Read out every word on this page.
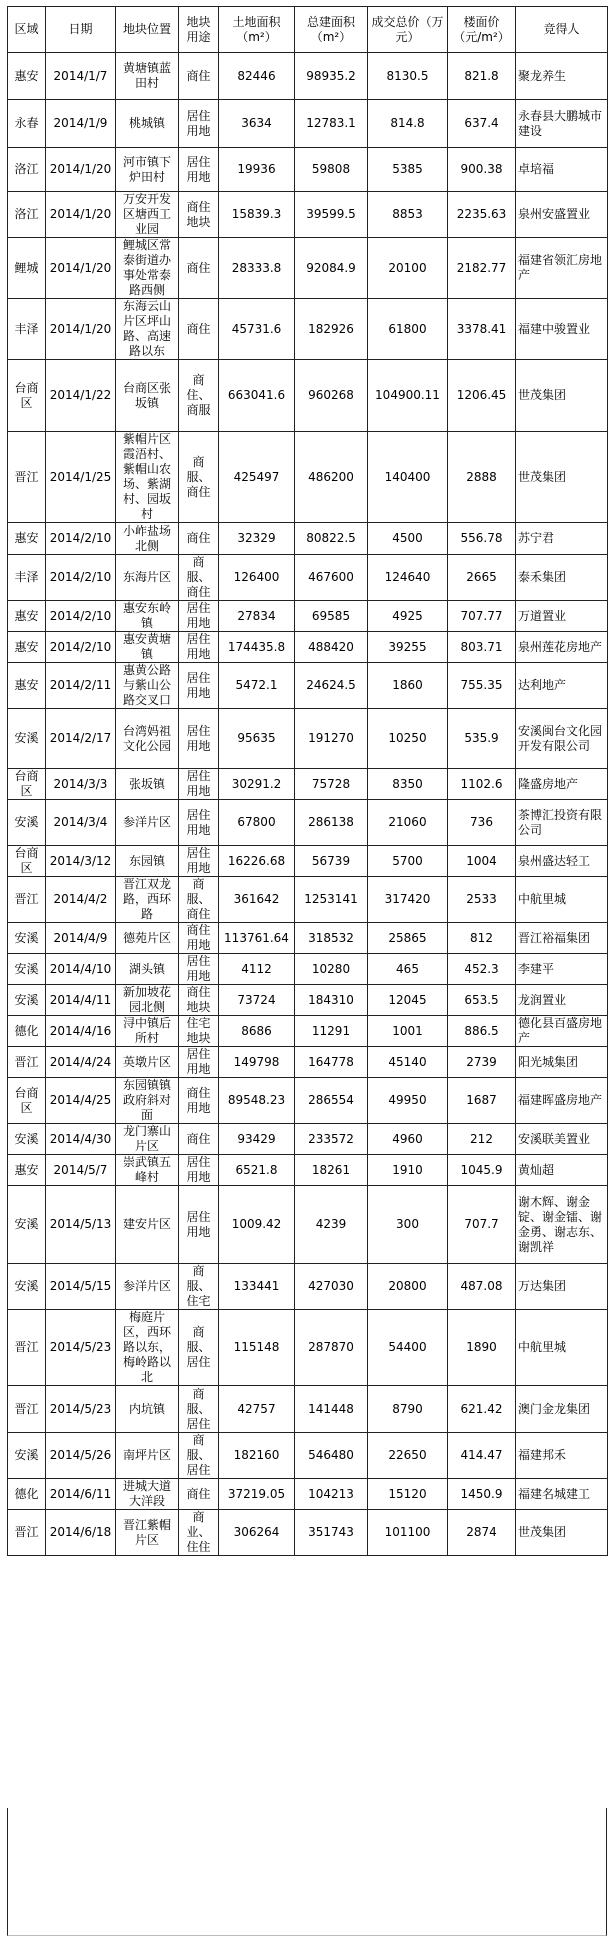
区域	日期	地块位置	地块用途	土地面积（m²）	总建面积（m²）	成交总价（万元）	楼面价（元/m²）	竞得人
惠安	2014/1/7	黄塘镇蓝田村	商住	82446	98935.2	8130.5	821.8	聚龙养生
永春	2014/1/9	桃城镇	居住用地	3634	12783.1	814.8	637.4	永春县大鹏城市建设
洛江	2014/1/20	河市镇下炉田村	居住用地	19936	59808	5385	900.38	卓培福
洛江	2014/1/20	万安开发区塘西工业园	商住地块	15839.3	39599.5	8853	2235.63	泉州安盛置业
鲤城	2014/1/20	鲤城区常泰街道办事处常泰路西侧	商住	28333.8	92084.9	20100	2182.77	福建省领汇房地产
丰泽	2014/1/20	东海云山片区坪山路、高速路以东	商住	45731.6	182926	61800	3378.41	福建中骏置业
台商区	2014/1/22	台商区张坂镇	商住、商服	663041.6	960268	104900.11	1206.45	世茂集团
晋江	2014/1/25	紫帽片区霞浯村、紫帽山农场、紫湖村、园坂村	商服、商住	425497	486200	140400	2888	世茂集团
惠安	2014/2/10	小岞盐场北侧	商住	32329	80822.5	4500	556.78	苏宁君
丰泽	2014/2/10	东海片区	商服、商住	126400	467600	124640	2665	泰禾集团
惠安	2014/2/10	惠安东岭镇	居住用地	27834	69585	4925	707.77	万道置业
惠安	2014/2/10	惠安黄塘镇	居住用地	174435.8	488420	39255	803.71	泉州莲花房地产
惠安	2014/2/11	惠黄公路与紫山公路交叉口	居住用地	5472.1	24624.5	1860	755.35	达利地产
安溪	2014/2/17	台湾妈祖文化公园	居住用地	95635	191270	10250	535.9	安溪闽台文化园开发有限公司
台商区	2014/3/3	张坂镇	居住用地	30291.2	75728	8350	1102.6	隆盛房地产
安溪	2014/3/4	参洋片区	居住用地	67800	286138	21060	736	茶博汇投资有限公司
台商区	2014/3/12	东园镇	居住用地	16226.68	56739	5700	1004	泉州盛达轻工
晋江	2014/4/2	晋江双龙路，西环路	商服、商住	361642	1253141	317420	2533	中航里城
安溪	2014/4/9	德苑片区	商住用地	113761.64	318532	25865	812	晋江裕福集团
安溪	2014/4/10	湖头镇	居住用地	4112	10280	465	452.3	李建平
安溪	2014/4/11	新加坡花园北侧	商住地块	73724	184310	12045	653.5	龙润置业
德化	2014/4/16	浔中镇后所村	住宅地块	8686	11291	1001	886.5	德化县百盛房地产
晋江	2014/4/24	英墩片区	居住用地	149798	164778	45140	2739	阳光城集团
台商区	2014/4/25	东园镇镇政府斜对面	商住用地	89548.23	286554	49950	1687	福建晖盛房地产
安溪	2014/4/30	龙门寨山片区	商住	93429	233572	4960	212	安溪联美置业
惠安	2014/5/7	崇武镇五峰村	居住用地	6521.8	18261	1910	1045.9	黄灿超
安溪	2014/5/13	建安片区	居住用地	1009.42	4239	300	707.7	谢木辉、谢金锭、谢金镭、谢金勇、谢志东、谢凯祥
安溪	2014/5/15	参洋片区	商服、住宅	133441	427030	20800	487.08	万达集团
晋江	2014/5/23	梅庭片区，西环路以东，梅岭路以北	商服、居住	115148	287870	54400	1890	中航里城
晋江	2014/5/23	内坑镇	商服、居住	42757	141448	8790	621.42	澳门金龙集团
安溪	2014/5/26	南坪片区	商服、居住	182160	546480	22650	414.47	福建邦禾
德化	2014/6/11	进城大道大洋段	商住	37219.05	104213	15120	1450.9	福建名城建工
晋江	2014/6/18	晋江紫帽片区	商业、住住	306264	351743	101100	2874	世茂集团
